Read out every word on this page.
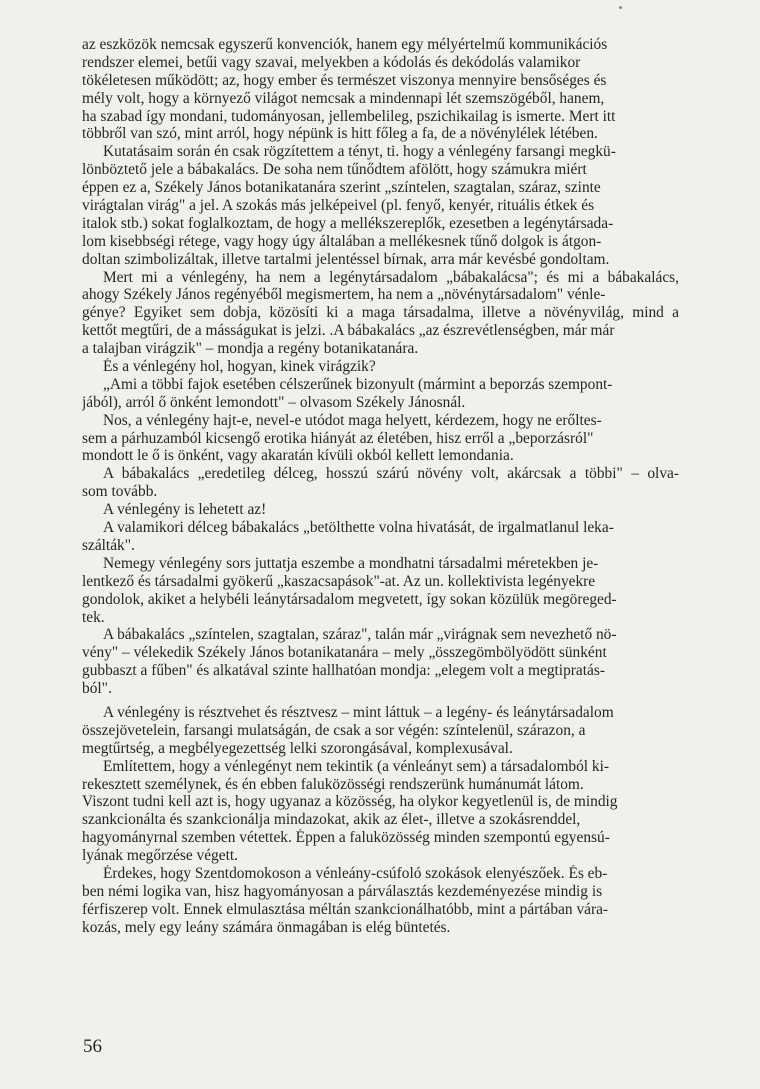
az eszközök nemcsak egyszerű konvenciók, hanem egy mélyértelmű kommunikációs
rendszer elemei, betűi vagy szavai, melyekben a kódolás és dekódolás valamikor
tökéletesen működött; az, hogy ember és természet viszonya mennyire bensőséges és
mély volt, hogy a környező világot nemcsak a mindennapi lét szemszögéből, hanem,
ha szabad így mondani, tudományosan, jellembelileg, pszichikailag is ismerte. Mert itt
többről van szó, mint arról, hogy népünk is hitt főleg a fa, de a növénylélek létében.
Kutatásaim során én csak rögzítettem a tényt, ti. hogy a vénlegény farsangi megkü-
lönböztető jele a bábakalács. De soha nem tűnődtem afölött, hogy számukra miért
éppen ez a, Székely János botanikatanára szerint „színtelen, szagtalan, száraz, szinte
virágtalan virág" a jel. A szokás más jelképeivel (pl. fenyő, kenyér, rituális étkek és
italok stb.) sokat foglalkoztam, de hogy a mellékszereplők, ezesetben a legénytársada-
lom kisebbségi rétege, vagy hogy úgy általában a mellékesnek tűnő dolgok is átgon-
doltan szimbolizáltak, illetve tartalmi jelentéssel bírnak, arra már kevésbé gondoltam.
Mert mi a vénlegény, ha nem a legénytársadalom „bábakalácsa"; és mi a bábakalács,
ahogy Székely János regényéből megismertem, ha nem a „növénytársadalom" vénle-
génye? Egyiket sem dobja, közösíti ki a maga társadalma, illetve a növényvilág, mind a
kettőt megtűri, de a másságukat is jelzi. .A bábakalács „az észrevétlenségben, már már
a talajban virágzik" – mondja a regény botanikatanára.
És a vénlegény hol, hogyan, kinek virágzik?
„Ami a többi fajok esetében célszerűnek bizonyult (mármint a beporzás szempont-
jából), arról ő önként lemondott" – olvasom Székely Jánosnál.
Nos, a vénlegény hajt-e, nevel-e utódot maga helyett, kérdezem, hogy ne erőltes-
sem a párhuzamból kicsengő erotika hiányát az életében, hisz erről a „beporzásról"
mondott le ő is önként, vagy akaratán kívüli okból kellett lemondania.
A bábakalács „eredetileg délceg, hosszú szárú növény volt, akárcsak a többi" – olva-
som tovább.
A vénlegény is lehetett az!
A valamikori délceg bábakalács „betölthette volna hivatását, de irgalmatlanul leka-
szálták".
Nemegy vénlegény sors juttatja eszembe a mondhatni társadalmi méretekben je-
lentkező és társadalmi gyökerű „kaszacsapások"-at. Az un. kollektivista legényekre
gondolok, akiket a helybéli leánytársadalom megvetett, így sokan közülük megöreged-
tek.
A bábakalács „színtelen, szagtalan, száraz", talán már „virágnak sem nevezhető nö-
vény" – vélekedik Székely János botanikatanára – mely „összegömbölyödött sünként
gubbaszt a fűben" és alkatával szinte hallhatóan mondja: „elegem volt a megtipratás-
ból".
A vénlegény is résztvehet és résztvesz – mint láttuk – a legény- és leánytársadalom
összejövetelein, farsangi mulatságán, de csak a sor végén: színtelenül, szárazon, a
megtűrtség, a megbélyegezettség lelki szorongásával, komplexusával.
Említettem, hogy a vénlegényt nem tekintik (a vénleányt sem) a társadalomból ki-
rekesztett személynek, és én ebben faluközösségi rendszerünk humánumát látom.
Viszont tudni kell azt is, hogy ugyanaz a közösség, ha olykor kegyetlenül is, de mindig
szankcionálta és szankcionálja mindazokat, akik az élet-, illetve a szokásrenddel,
hagyományrnal szemben vétettek. Éppen a faluközösség minden szempontú egyensú-
lyának megőrzése végett.
Érdekes, hogy Szentdomokoson a vénleány-csúfoló szokások elenyészőek. És eb-
ben némi logika van, hisz hagyományosan a párválasztás kezdeményezése mindig is
férfiszerep volt. Ennek elmulasztása méltán szankcionálhatóbb, mint a pártában vára-
kozás, mely egy leány számára önmagában is elég büntetés.
56
